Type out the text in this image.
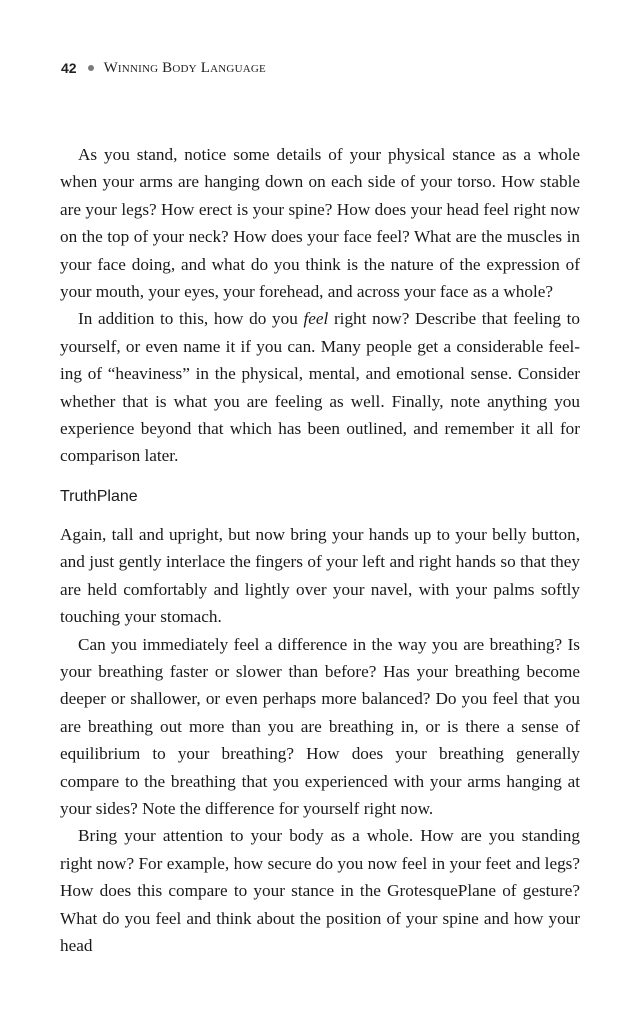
42 Winning Body Language

As you stand, notice some details of your physical stance as a whole when your arms are hanging down on each side of your torso. How stable are your legs? How erect is your spine? How does your head feel right now on the top of your neck? How does your face feel? What are the muscles in your face doing, and what do you think is the nature of the expression of your mouth, your eyes, your forehead, and across your face as a whole?

In addition to this, how do you feel right now? Describe that feeling to yourself, or even name it if you can. Many people get a considerable feeling of “heaviness” in the physical, mental, and emotional sense. Consider whether that is what you are feeling as well. Finally, note anything you experience beyond that which has been outlined, and remember it all for comparison later.

TruthPlane

Again, tall and upright, but now bring your hands up to your belly button, and just gently interlace the fingers of your left and right hands so that they are held comfortably and lightly over your navel, with your palms softly touching your stomach.

Can you immediately feel a difference in the way you are breathing? Is your breathing faster or slower than before? Has your breathing become deeper or shallower, or even perhaps more balanced? Do you feel that you are breathing out more than you are breathing in, or is there a sense of equilibrium to your breathing? How does your breathing generally compare to the breathing that you experienced with your arms hanging at your sides? Note the difference for yourself right now.

Bring your attention to your body as a whole. How are you standing right now? For example, how secure do you now feel in your feet and legs? How does this compare to your stance in the GrotesquePlane of gesture? What do you feel and think about the position of your spine and how your head
